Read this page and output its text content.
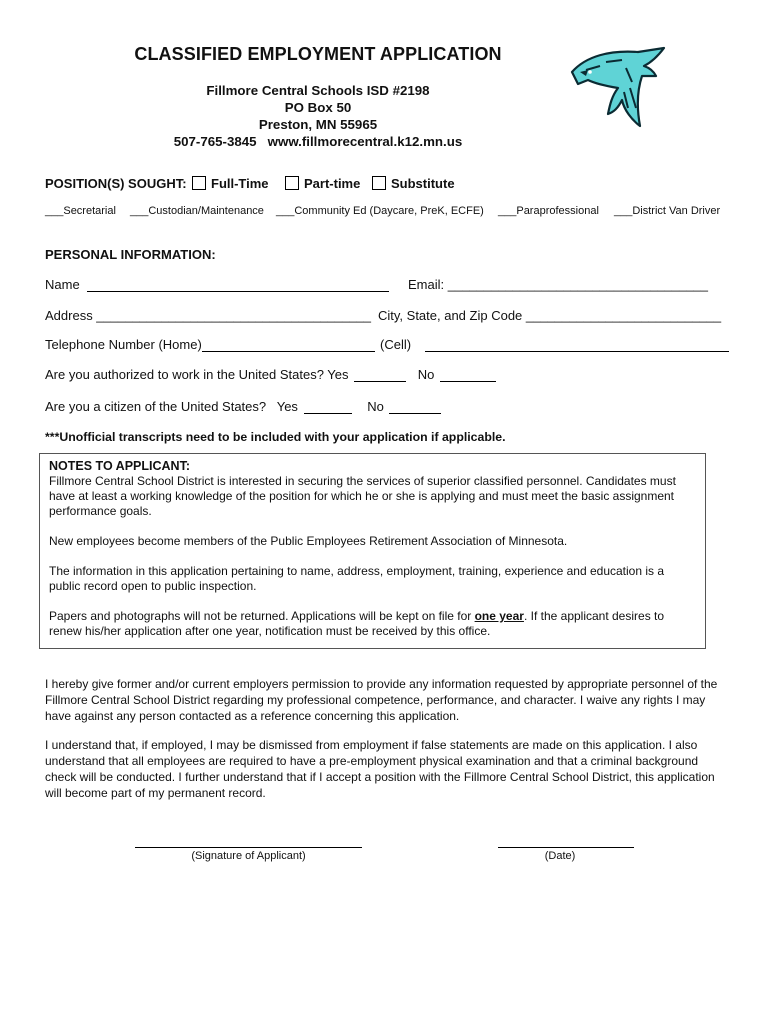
CLASSIFIED EMPLOYMENT APPLICATION
Fillmore Central Schools ISD #2198
PO Box 50
Preston, MN 55965
507-765-3845   www.fillmorecentral.k12.mn.us
POSITION(S) SOUGHT:	Full-Time	Part-time	Substitute
___Secretarial ___Custodian/Maintenance ___Community Ed (Daycare, PreK, ECFE) ___Paraprofessional ___District Van Driver
PERSONAL INFORMATION:
Name	Email: ____________________________________
Address ______________________________________ City, State, and Zip Code ___________________________
Telephone Number (Home)	(Cell)
Are you authorized to work in the United States? Yes	No
Are you a citizen of the United States?   Yes	No
***Unofficial transcripts need to be included with your application if applicable.

NOTES TO APPLICANT:

Fillmore Central School District is interested in securing the services of superior classified personnel. Candidates must have at least a working knowledge of the position for which he or she is applying and must meet the basic assignment performance goals.

New employees become members of the Public Employees Retirement Association of Minnesota.

The information in this application pertaining to name, address, employment, training, experience and education is a public record open to public inspection.

Papers and photographs will not be returned. Applications will be kept on file for one year. If the applicant desires to renew his/her application after one year, notification must be received by this office.

I hereby give former and/or current employers permission to provide any information requested by appropriate personnel of the Fillmore Central School District regarding my professional competence, performance, and character. I waive any rights I may have against any person contacted as a reference concerning this application.
I understand that, if employed, I may be dismissed from employment if false statements are made on this application. I also understand that all employees are required to have a pre-employment physical examination and that a criminal background check will be conducted. I further understand that if I accept a position with the Fillmore Central School District, this application will become part of my permanent record.
(Signature of Applicant)	(Date)
